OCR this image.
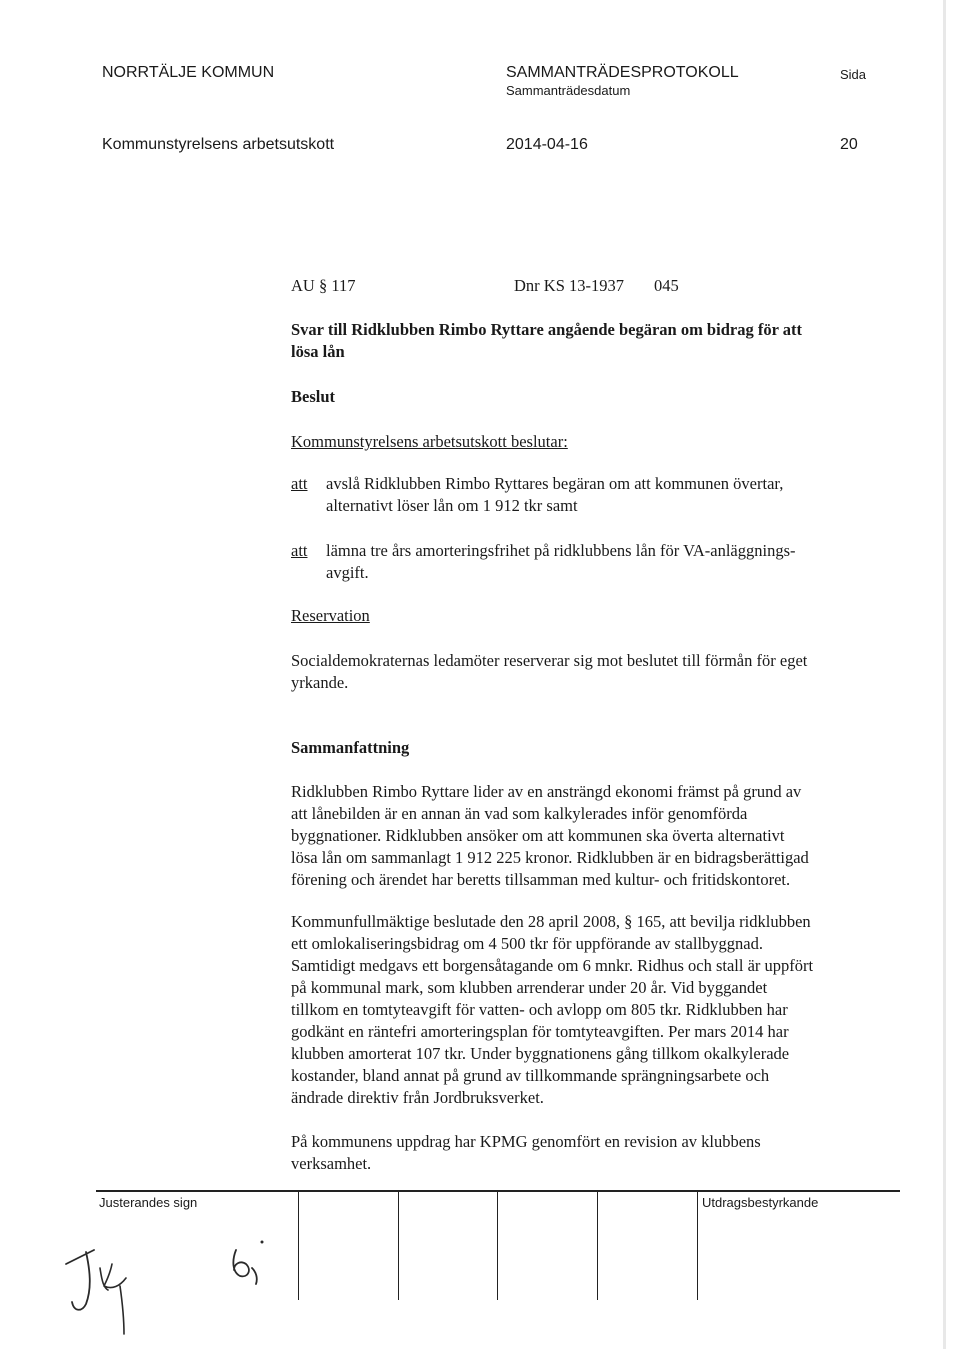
NORRTÄLJE KOMMUN	SAMMANTRÄDESPROTOKOLL
Sammanträdesdatum
Sida
Kommunstyrelsens arbetsutskott	2014-04-16	20
AU § 117	Dnr KS 13-1937 045
Svar till Ridklubben Rimbo Ryttare angående begäran om bidrag för att
lösa lån
Beslut
Kommunstyrelsens arbetsutskott beslutar:
att avslå Ridklubben Rimbo Ryttares begäran om att kommunen övertar,
alternativt löser lån om 1 912 tkr samt
att lämna tre års amorteringsfrihet på ridklubbens lån för VA-anläggnings-
avgift.
Reservation
Socialdemokraternas ledamöter reserverar sig mot beslutet till förmån för eget
yrkande.
Sammanfattning
Ridklubben Rimbo Ryttare lider av en ansträngd ekonomi främst på grund av
att lånebilden är en annan än vad som kalkylerades inför genomförda
byggnationer. Ridklubben ansöker om att kommunen ska överta alternativt
lösa lån om sammanlagt 1 912 225 kronor. Ridklubben är en bidragsberättigad
förening och ärendet har beretts tillsamman med kultur- och fritidskontoret.
Kommunfullmäktige beslutade den 28 april 2008, § 165, att bevilja ridklubben
ett omlokaliseringsbidrag om 4 500 tkr för uppförande av stallbyggnad.
Samtidigt medgavs ett borgensåtagande om 6 mnkr. Ridhus och stall är uppfört
på kommunal mark, som klubben arrenderar under 20 år. Vid byggandet
tillkom en tomtyteavgift för vatten- och avlopp om 805 tkr. Ridklubben har
godkänt en räntefri amorteringsplan för tomtyteavgiften. Per mars 2014 har
klubben amorterat 107 tkr. Under byggnationens gång tillkom okalkylerade
kostander, bland annat på grund av tillkommande sprängningsarbete och
ändrade direktiv från Jordbruksverket.
På kommunens uppdrag har KPMG genomfört en revision av klubbens
verksamhet.
Justerandes sign	Utdragsbestyrkande
